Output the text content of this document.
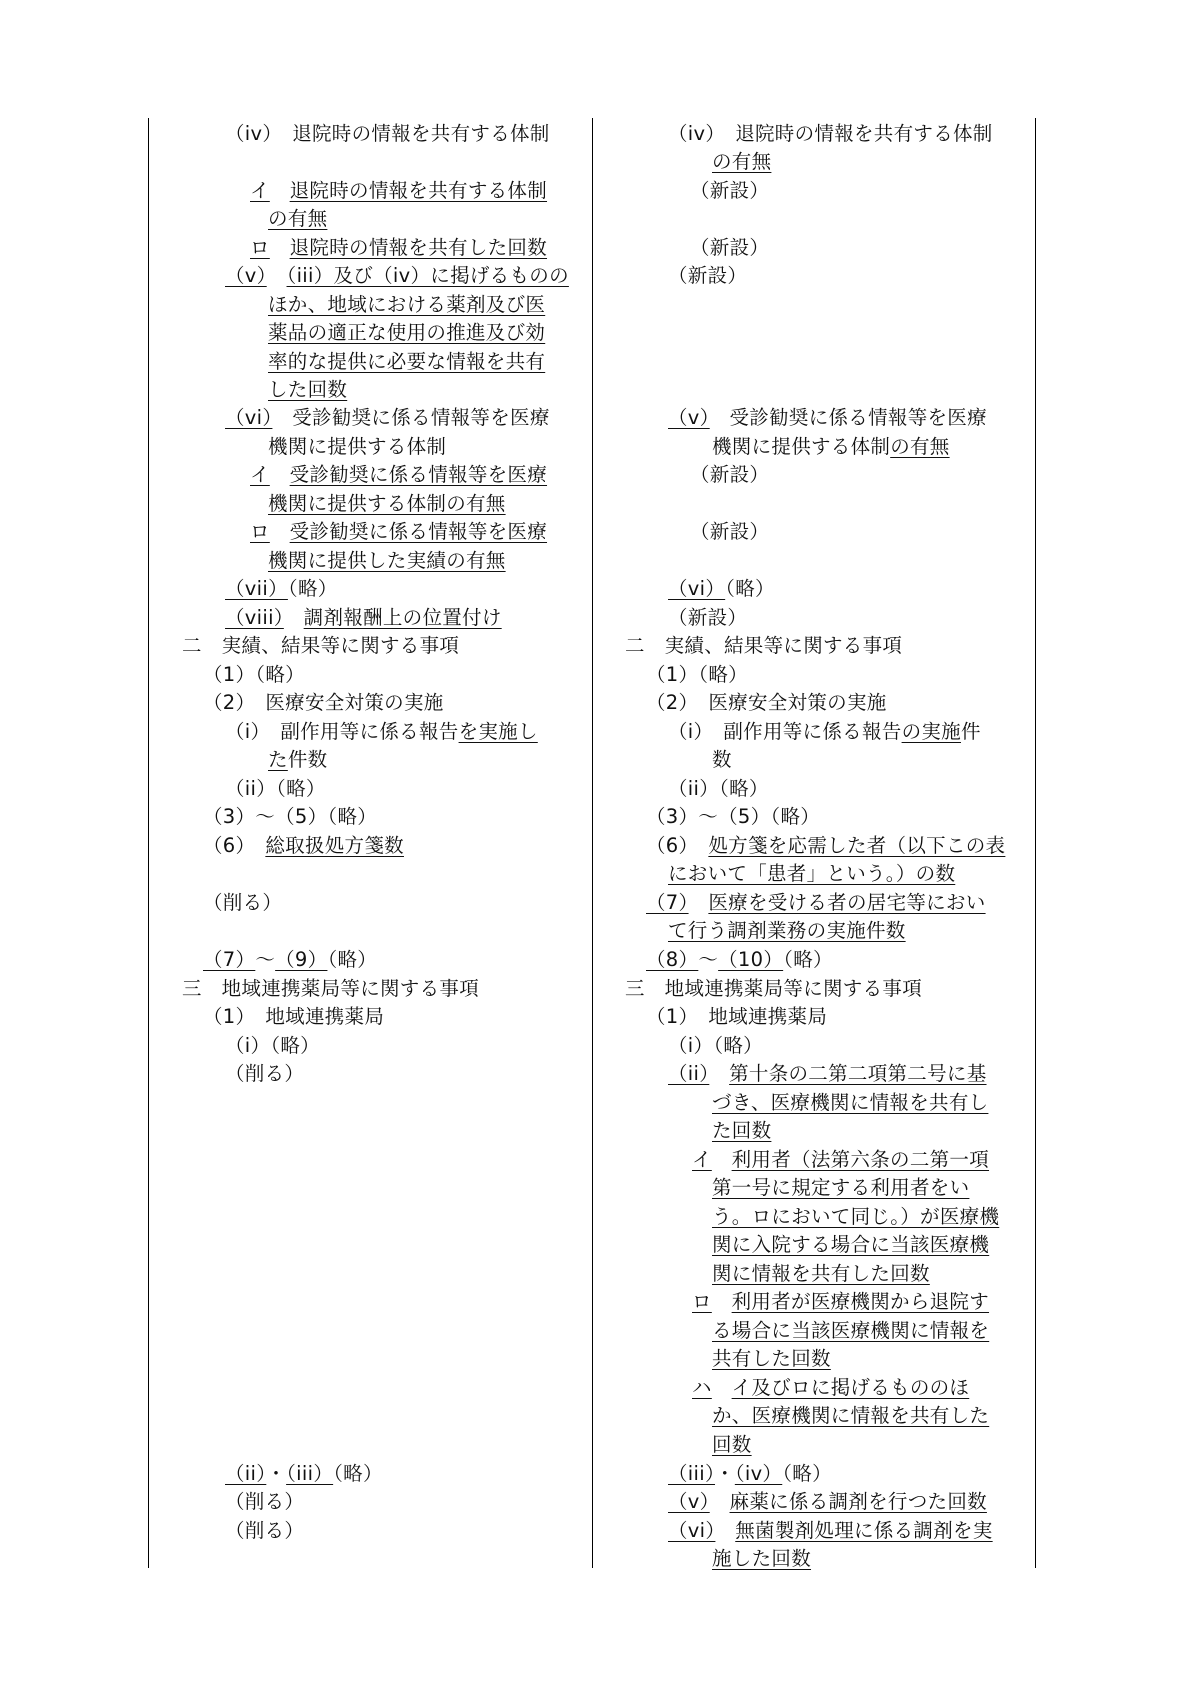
（iv）　退院時の情報を共有する体制
イ　 退院時の情報を共有する体制
の有無
ロ　 退院時の情報を共有した回数
（v）　 （iii）及び（iv）に掲げるものの
ほか、地域における薬剤及び医
薬品の適正な使用の推進及び効
率的な提供に必要な情報を共有
した回数
（vi）　受診勧奨に係る情報等を医療
機関に提供する体制
イ　 受診勧奨に係る情報等を医療
機関に提供する体制の有無
ロ　 受診勧奨に係る情報等を医療
機関に提供した実績の有無
（vii）（略）
（viii）　 調剤報酬上の位置付け
二　実績、結果等に関する事項
（1）（略）
（2）　医療安全対策の実施
（i）　副作用等に係る報告を実施し
た件数
（ii）（略）
（3）〜（5）（略）
（6）　総取扱処方箋数
（削る）
（7）〜（9）（略）
三　地域連携薬局等に関する事項
（1）　地域連携薬局
（i）（略）
（削る）
（ii）・（iii）（略）
（削る）
（削る）
（iv）　退院時の情報を共有する体制
の有無
（新設）
（新設）
（新設）
（v）　受診勧奨に係る情報等を医療
機関に提供する体制の有無
（新設）
（新設）
（vi）（略）
（新設）
二　実績、結果等に関する事項
（1）（略）
（2）　医療安全対策の実施
（i）　副作用等に係る報告の実施件
数
（ii）（略）
（3）〜（5）（略）
（6）　処方箋を応需した者（以下この表
において「患者」という。）の数
（7）　 医療を受ける者の居宅等におい
て行う調剤業務の実施件数
（8）〜（10）（略）
三　地域連携薬局等に関する事項
（1）　地域連携薬局
（i）（略）
（ii）　 第十条の二第二項第二号に基
づき、医療機関に情報を共有し
た回数
イ　 利用者（法第六条の二第一項
第一号に規定する利用者をい
う。ロにおいて同じ。）が医療機
関に入院する場合に当該医療機
関に情報を共有した回数
ロ　 利用者が医療機関から退院す
る場合に当該医療機関に情報を
共有した回数
ハ　 イ及びロに掲げるもののほ
か、医療機関に情報を共有した
回数
（iii）・（iv）（略）
（v）　 麻薬に係る調剤を行つた回数
（vi）　 無菌製剤処理に係る調剤を実
施した回数
